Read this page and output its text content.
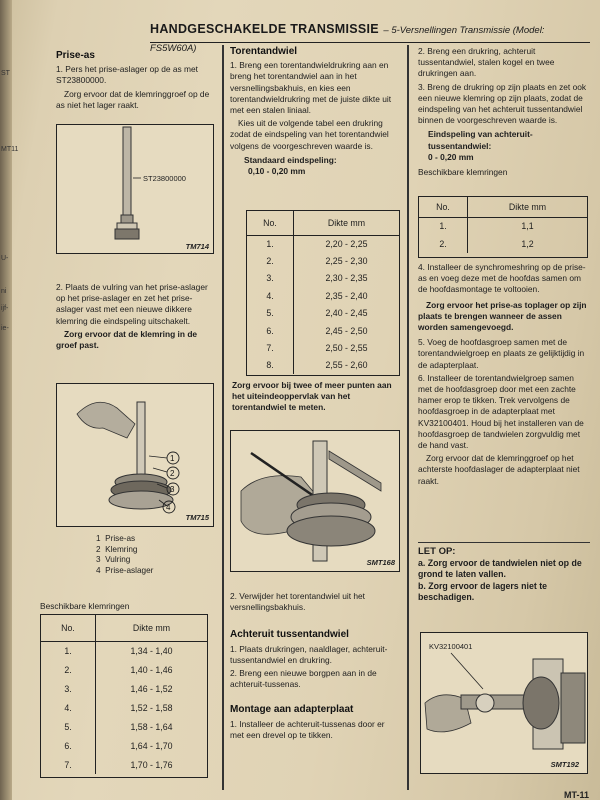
ST
MT11
U-
ni
ijf-
ie-
HANDGESCHAKELDE TRANSMISSIE – 5-Versnellingen Transmissie (Model: FS5W60A)
Prise-as

1. Pers het prise-aslager op de as met ST23800000.

Zorg ervoor dat de klemringgroef op de as niet het lager raakt.

ST23800000
TM714

2. Plaats de vulring van het prise-aslager op het prise-aslager en zet het prise-aslager vast met een nieuwe dikkere klemring die eindspeling uitschakelt.

Zorg ervoor dat de klemring in de groef past.

1
2
3
4
TM715
1 Prise-as
2 Klemring
3 Vulring
4 Prise-aslager
Beschikbare klemringen
No.	Dikte mm
1.	1,34 - 1,40
2.	1,40 - 1,46
3.	1,46 - 1,52
4.	1,52 - 1,58
5.	1,58 - 1,64
6.	1,64 - 1,70
7.	1,70 - 1,76
Torentandwiel

1. Breng een torentandwieldrukring aan en breng het torentandwiel aan in het versnellingsbakhuis, en kies een torentandwieldrukring met de juiste dikte uit met een stalen liniaal.

Kies uit de volgende tabel een drukring zodat de eindspeling van het torentandwiel volgens de voorgeschreven waarde is.

Standaard eindspeling:

0,10 - 0,20 mm

No.	Dikte mm
1.	2,20 - 2,25
2.	2,25 - 2,30
3.	2,30 - 2,35
4.	2,35 - 2,40
5.	2,40 - 2,45
6.	2,45 - 2,50
7.	2,50 - 2,55
8.	2,55 - 2,60
Zorg ervoor bij twee of meer punten aan het uiteindeoppervlak van het torentandwiel te meten.
SMT168

2. Verwijder het torentandwiel uit het versnellingsbakhuis.

Achteruit tussentandwiel

1. Plaats drukringen, naaldlager, achteruit-tussentandwiel en drukring.

2. Breng een nieuwe borgpen aan in de achteruit-tussenas.

Montage aan adapterplaat

1. Installeer de achteruit-tussenas door er met een drevel op te tikken.

2. Breng een drukring, achteruit tussentandwiel, stalen kogel en twee drukringen aan.

3. Breng de drukring op zijn plaats en zet ook een nieuwe klemring op zijn plaats, zodat de eindspeling van het achteruit tussentandwiel binnen de voorgeschreven waarde is.

Eindspeling van achteruit-tussentandwiel:

0 - 0,20 mm

Beschikbare klemringen

No.	Dikte mm
1.	1,1
2.	1,2

4. Installeer de synchromeshring op de prise-as en voeg deze met de hoofdas samen om de hoofdasmontage te voltooien.

Zorg ervoor het prise-as toplager op zijn plaats te brengen wanneer de assen worden samengevoegd.

5. Voeg de hoofdasgroep samen met de torentandwielgroep en plaats ze gelijktijdig in de adapterplaat.

6. Installeer de torentandwielgroep samen met de hoofdasgroep door met een zachte hamer erop te tikken. Trek vervolgens de hoofdasgroep in de adapterplaat met KV32100401. Houd bij het installeren van de hoofdasgroep de tandwielen zorgvuldig met de hand vast.

Zorg ervoor dat de klemringgroef op het achterste hoofdaslager de adapterplaat niet raakt.

LET OP:
a. Zorg ervoor de tandwielen niet op de grond te laten vallen.
b. Zorg ervoor de lagers niet te beschadigen.
KV32100401
SMT192
MT-11
